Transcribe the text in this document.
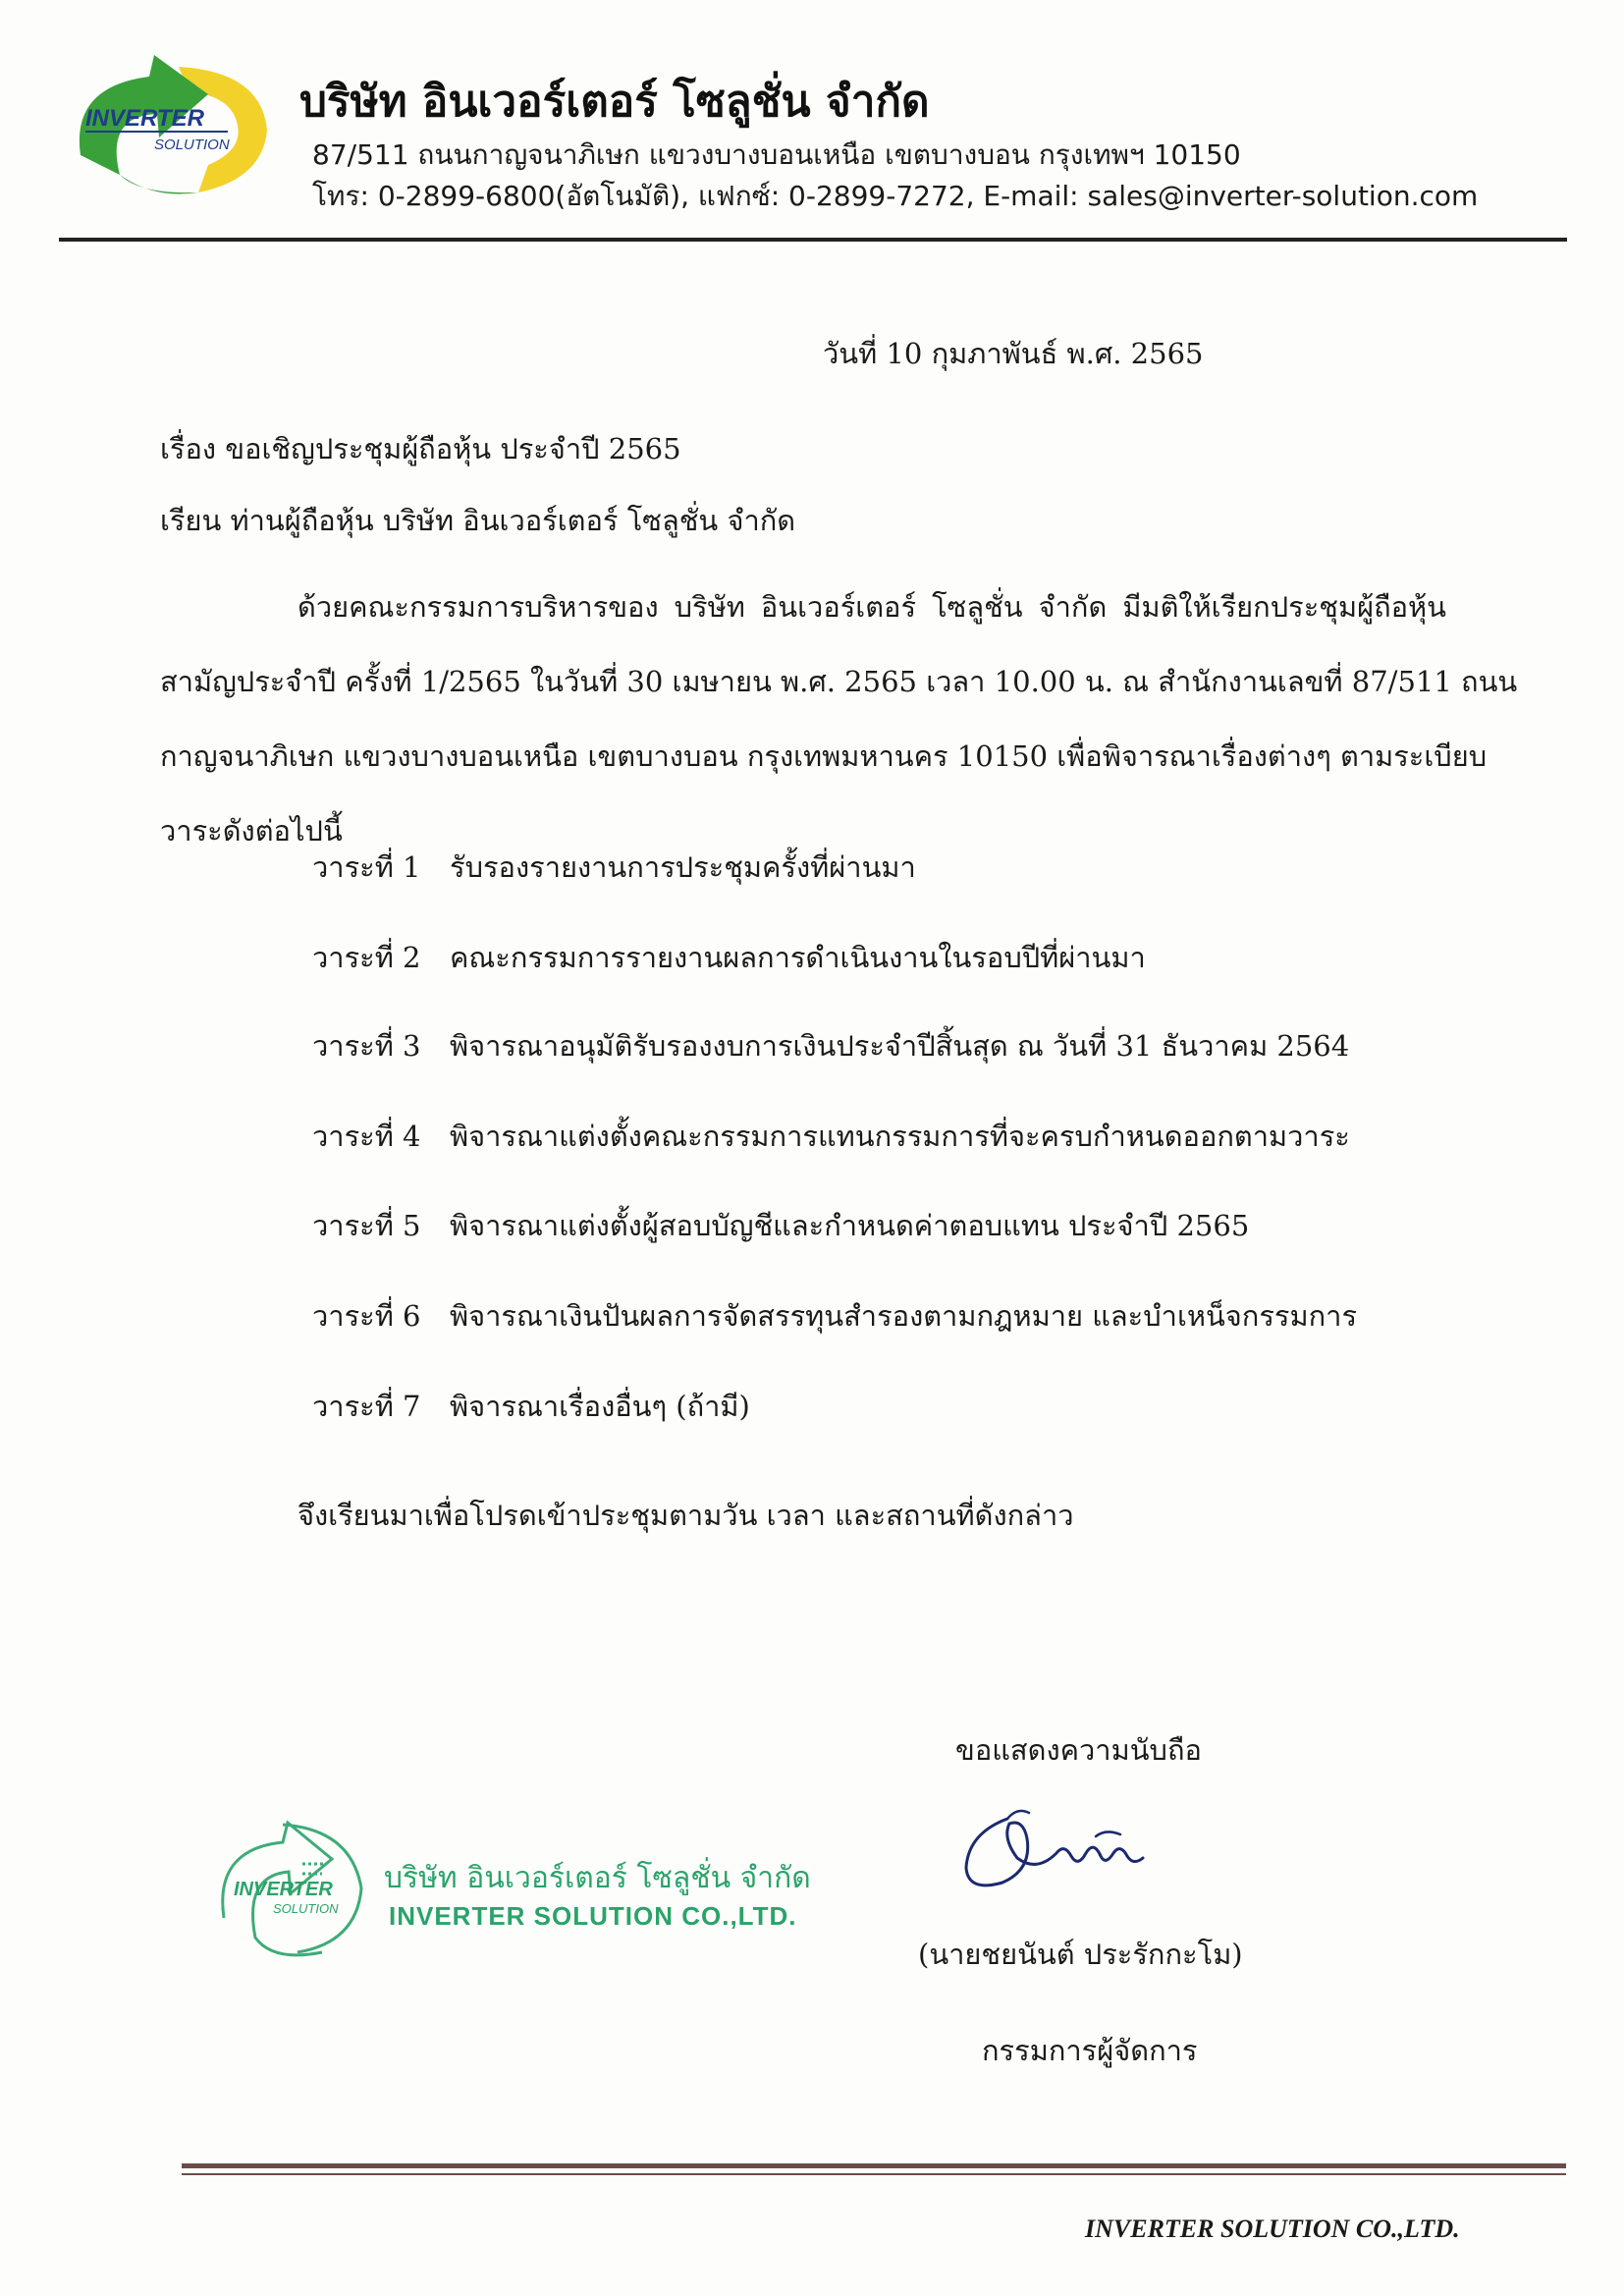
INVERTER
SOLUTION
บริษัท อินเวอร์เตอร์ โซลูชั่น จำกัด
87/511 ถนนกาญจนาภิเษก แขวงบางบอนเหนือ เขตบางบอน กรุงเทพฯ 10150
โทร: 0-2899-6800(อัตโนมัติ), แฟกซ์: 0-2899-7272, E-mail: sales@inverter-solution.com
วันที่ 10 กุมภาพันธ์ พ.ศ. 2565
เรื่อง ขอเชิญประชุมผู้ถือหุ้น ประจำปี 2565
เรียน ท่านผู้ถือหุ้น บริษัท อินเวอร์เตอร์ โซลูชั่น จำกัด
ด้วยคณะกรรมการบริหารของ บริษัท อินเวอร์เตอร์ โซลูชั่น จำกัด มีมติให้เรียกประชุมผู้ถือหุ้น
สามัญประจำปี ครั้งที่ 1/2565 ในวันที่ 30 เมษายน พ.ศ. 2565 เวลา 10.00 น. ณ สำนักงานเลขที่ 87/511 ถนน
กาญจนาภิเษก แขวงบางบอนเหนือ เขตบางบอน กรุงเทพมหานคร 10150 เพื่อพิจารณาเรื่องต่างๆ ตามระเบียบ
วาระดังต่อไปนี้
วาระที่ 1 รับรองรายงานการประชุมครั้งที่ผ่านมา
วาระที่ 2 คณะกรรมการรายงานผลการดำเนินงานในรอบปีที่ผ่านมา
วาระที่ 3 พิจารณาอนุมัติรับรองงบการเงินประจำปีสิ้นสุด ณ วันที่ 31 ธันวาคม 2564
วาระที่ 4 พิจารณาแต่งตั้งคณะกรรมการแทนกรรมการที่จะครบกำหนดออกตามวาระ
วาระที่ 5 พิจารณาแต่งตั้งผู้สอบบัญชีและกำหนดค่าตอบแทน ประจำปี 2565
วาระที่ 6 พิจารณาเงินปันผลการจัดสรรทุนสำรองตามกฎหมาย และบำเหน็จกรรมการ
วาระที่ 7 พิจารณาเรื่องอื่นๆ (ถ้ามี)
จึงเรียนมาเพื่อโปรดเข้าประชุมตามวัน เวลา และสถานที่ดังกล่าว
ขอแสดงความนับถือ
(นายชยนันต์ ประรักกะโม)
กรรมการผู้จัดการ
INVERTER
SOLUTION
บริษัท อินเวอร์เตอร์ โซลูชั่น จำกัด
INVERTER SOLUTION CO.,LTD.
INVERTER SOLUTION CO.,LTD.
